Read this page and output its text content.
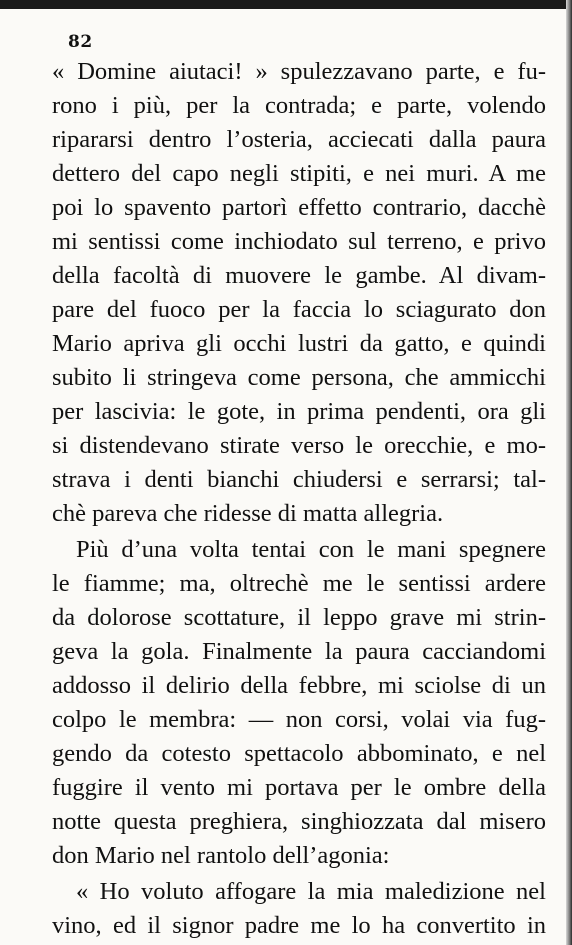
82
« Domine aiutaci! » spulezzavano parte, e fu-
rono i più, per la contrada; e parte, volendo
ripararsi dentro l’osteria, acciecati dalla paura
dettero del capo negli stipiti, e nei muri. A me
poi lo spavento partorì effetto contrario, dacchè
mi sentissi come inchiodato sul terreno, e privo
della facoltà di muovere le gambe. Al divam-
pare del fuoco per la faccia lo sciagurato don
Mario apriva gli occhi lustri da gatto, e quindi
subito li stringeva come persona, che ammicchi
per lascivia: le gote, in prima pendenti, ora gli
si distendevano stirate verso le orecchie, e mo-
strava i denti bianchi chiudersi e serrarsi; tal-
chè pareva che ridesse di matta allegria.
Più d’una volta tentai con le mani spegnere
le fiamme; ma, oltrechè me le sentissi ardere
da dolorose scottature, il leppo grave mi strin-
geva la gola. Finalmente la paura cacciandomi
addosso il delirio della febbre, mi sciolse di un
colpo le membra: — non corsi, volai via fug-
gendo da cotesto spettacolo abbominato, e nel
fuggire il vento mi portava per le ombre della
notte questa preghiera, singhiozzata dal misero
don Mario nel rantolo dell’agonia:
« Ho voluto affogare la mia maledizione nel
vino, ed il signor padre me lo ha convertito in
